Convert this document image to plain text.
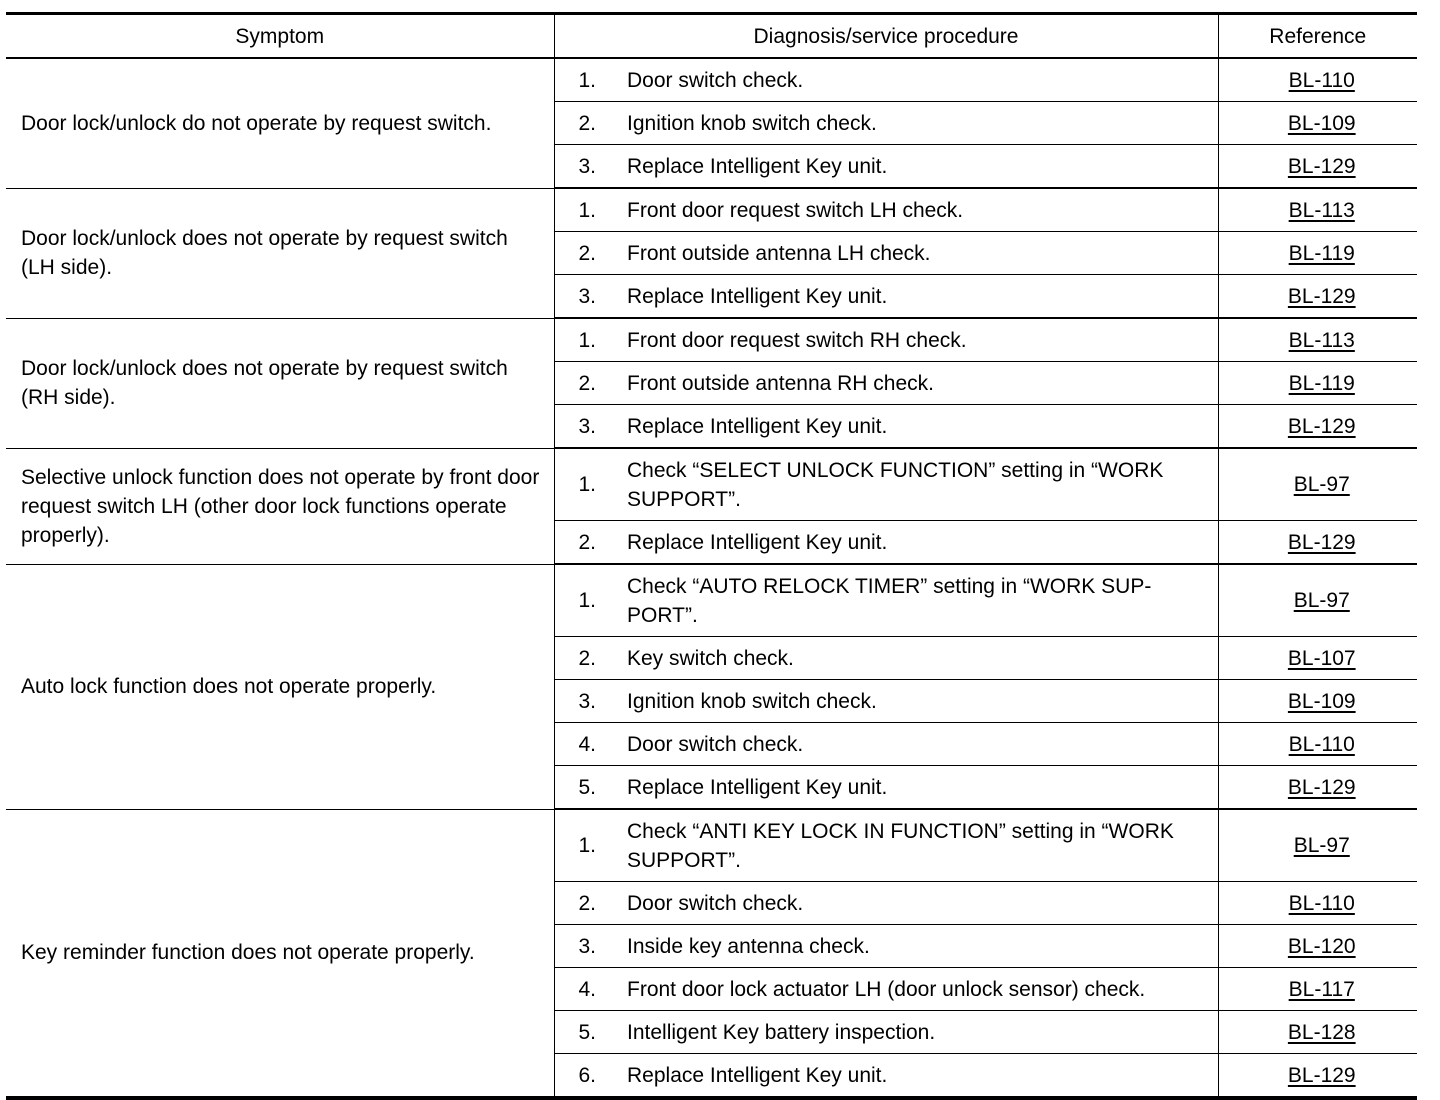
Symptom	Diagnosis/service procedure		Reference
Door lock/unlock do not operate by request switch.	1.	Door switch check.	BL-110
	2.	Ignition knob switch check.	BL-109
	3.	Replace Intelligent Key unit.	BL-129
Door lock/unlock does not operate by request switch (LH side).	1.	Front door request switch LH check.	BL-113
	2.	Front outside antenna LH check.	BL-119
	3.	Replace Intelligent Key unit.	BL-129
Door lock/unlock does not operate by request switch (RH side).	1.	Front door request switch RH check.	BL-113
	2.	Front outside antenna RH check.	BL-119
	3.	Replace Intelligent Key unit.	BL-129
Selective unlock function does not operate by front door request switch LH (other door lock functions operate properly).	1.	Check “SELECT UNLOCK FUNCTION” setting in “WORK SUPPORT”.	BL-97
	2.	Replace Intelligent Key unit.	BL-129
Auto lock function does not operate properly.	1.	Check “AUTO RELOCK TIMER” setting in “WORK SUP-PORT”.	BL-97
	2.	Key switch check.	BL-107
	3.	Ignition knob switch check.	BL-109
	4.	Door switch check.	BL-110
	5.	Replace Intelligent Key unit.	BL-129
Key reminder function does not operate properly.	1.	Check “ANTI KEY LOCK IN FUNCTION” setting in “WORK SUPPORT”.	BL-97
	2.	Door switch check.	BL-110
	3.	Inside key antenna check.	BL-120
	4.	Front door lock actuator LH (door unlock sensor) check.	BL-117
	5.	Intelligent Key battery inspection.	BL-128
	6.	Replace Intelligent Key unit.	BL-129
